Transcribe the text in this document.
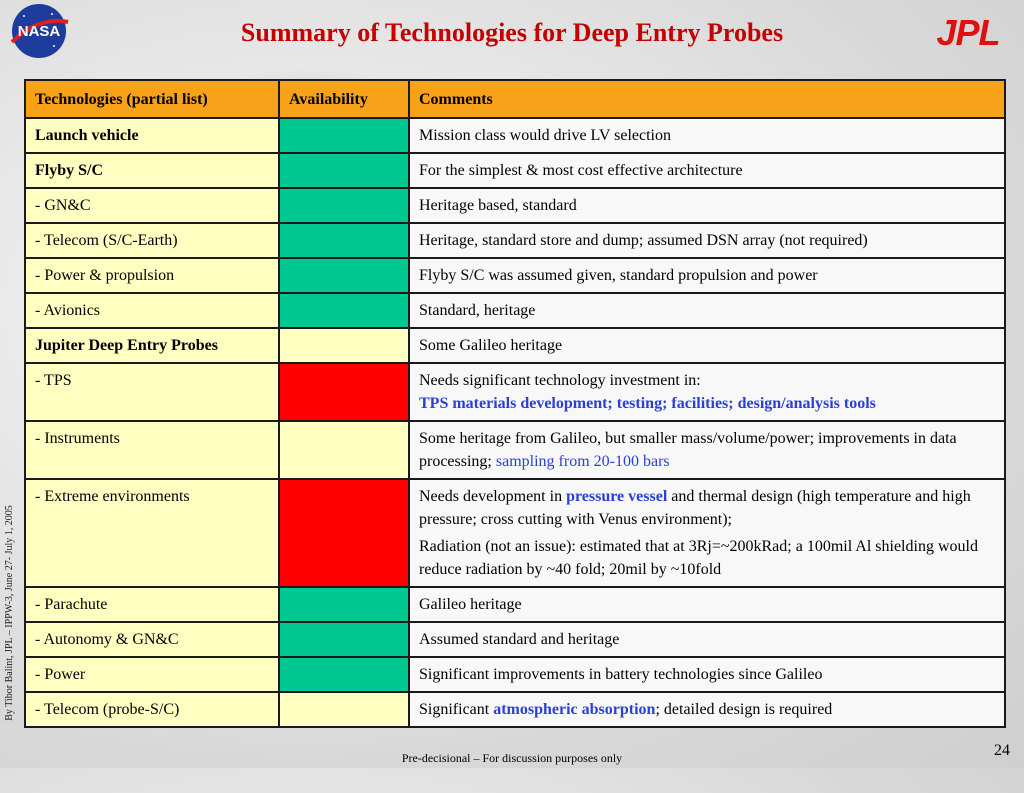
NASA	JPL
Summary of Technologies for Deep Entry Probes
By Tibor Balint, JPL – IPPW-3, June 27- July 1, 2005
Technologies (partial list)	Availability	Comments
Launch vehicle		Mission class would drive LV selection
Flyby S/C		For the simplest & most cost effective architecture
- GN&C		Heritage based, standard
- Telecom (S/C-Earth)		Heritage, standard store and dump; assumed DSN array (not required)
- Power & propulsion		Flyby S/C was assumed given, standard propulsion and power
- Avionics		Standard, heritage
Jupiter Deep Entry Probes		Some Galileo heritage
- TPS		Needs significant technology investment in:
TPS materials development; testing; facilities; design/analysis tools
- Instruments		Some heritage from Galileo, but smaller mass/volume/power; improvements in data processing; sampling from 20-100 bars
- Extreme environments		Needs development in pressure vessel and thermal design (high temperature and high pressure; cross cutting with Venus environment);
Radiation (not an issue): estimated that at 3Rj=~200kRad; a 100mil Al shielding would reduce radiation by ~40 fold; 20mil by ~10fold

- Parachute		Galileo heritage
- Autonomy & GN&C		Assumed standard and heritage
- Power		Significant improvements in battery technologies since Galileo
- Telecom (probe-S/C)		Significant atmospheric absorption; detailed design is required
Pre-decisional – For discussion purposes only	24
